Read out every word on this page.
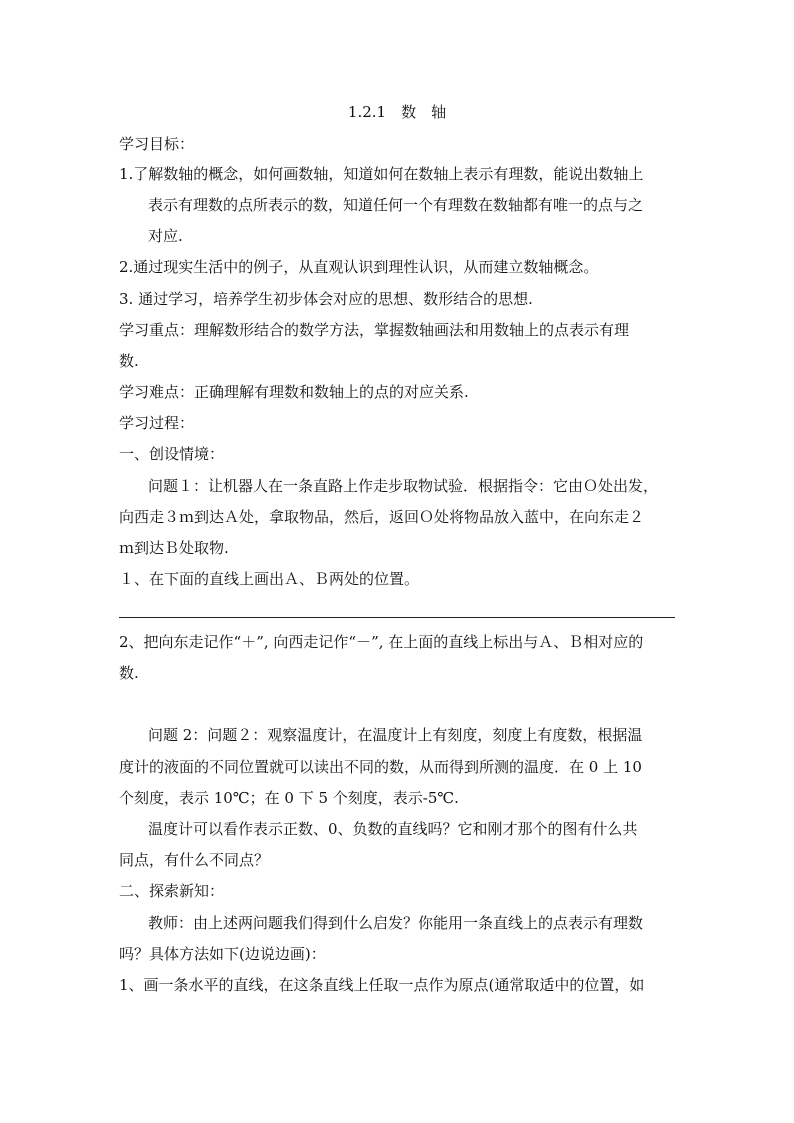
1.2.1　数　轴
学习目标：
1.了解数轴的概念，如何画数轴，知道如何在数轴上表示有理数，能说出数轴上
表示有理数的点所表示的数，知道任何一个有理数在数轴都有唯一的点与之
对应.
2.通过现实生活中的例子，从直观认识到理性认识，从而建立数轴概念。
3. 通过学习，培养学生初步体会对应的思想、数形结合的思想.
学习重点：理解数形结合的数学方法，掌握数轴画法和用数轴上的点表示有理
数.
学习难点：正确理解有理数和数轴上的点的对应关系.
学习过程：
一、创设情境：
问题１：让机器人在一条直路上作走步取物试验．根据指令：它由Ｏ处出发，
向西走３ｍ到达Ａ处，拿取物品，然后，返回Ｏ处将物品放入蓝中，在向东走２
ｍ到达Ｂ处取物.
１、在下面的直线上画出Ａ、Ｂ两处的位置。
2、把向东走记作“＋”, 向西走记作“－”, 在上面的直线上标出与Ａ、Ｂ相对应的
数.
问题 2：问题２：观察温度计，在温度计上有刻度，刻度上有度数，根据温
度计的液面的不同位置就可以读出不同的数，从而得到所测的温度．在 0 上 10
个刻度，表示 10℃；在 0 下 5 个刻度，表示-5℃.
温度计可以看作表示正数、0、负数的直线吗？它和刚才那个的图有什么共
同点，有什么不同点？
二、探索新知：
教师：由上述两问题我们得到什么启发？你能用一条直线上的点表示有理数
吗？具体方法如下(边说边画)：
1、画一条水平的直线，在这条直线上任取一点作为原点(通常取适中的位置，如
